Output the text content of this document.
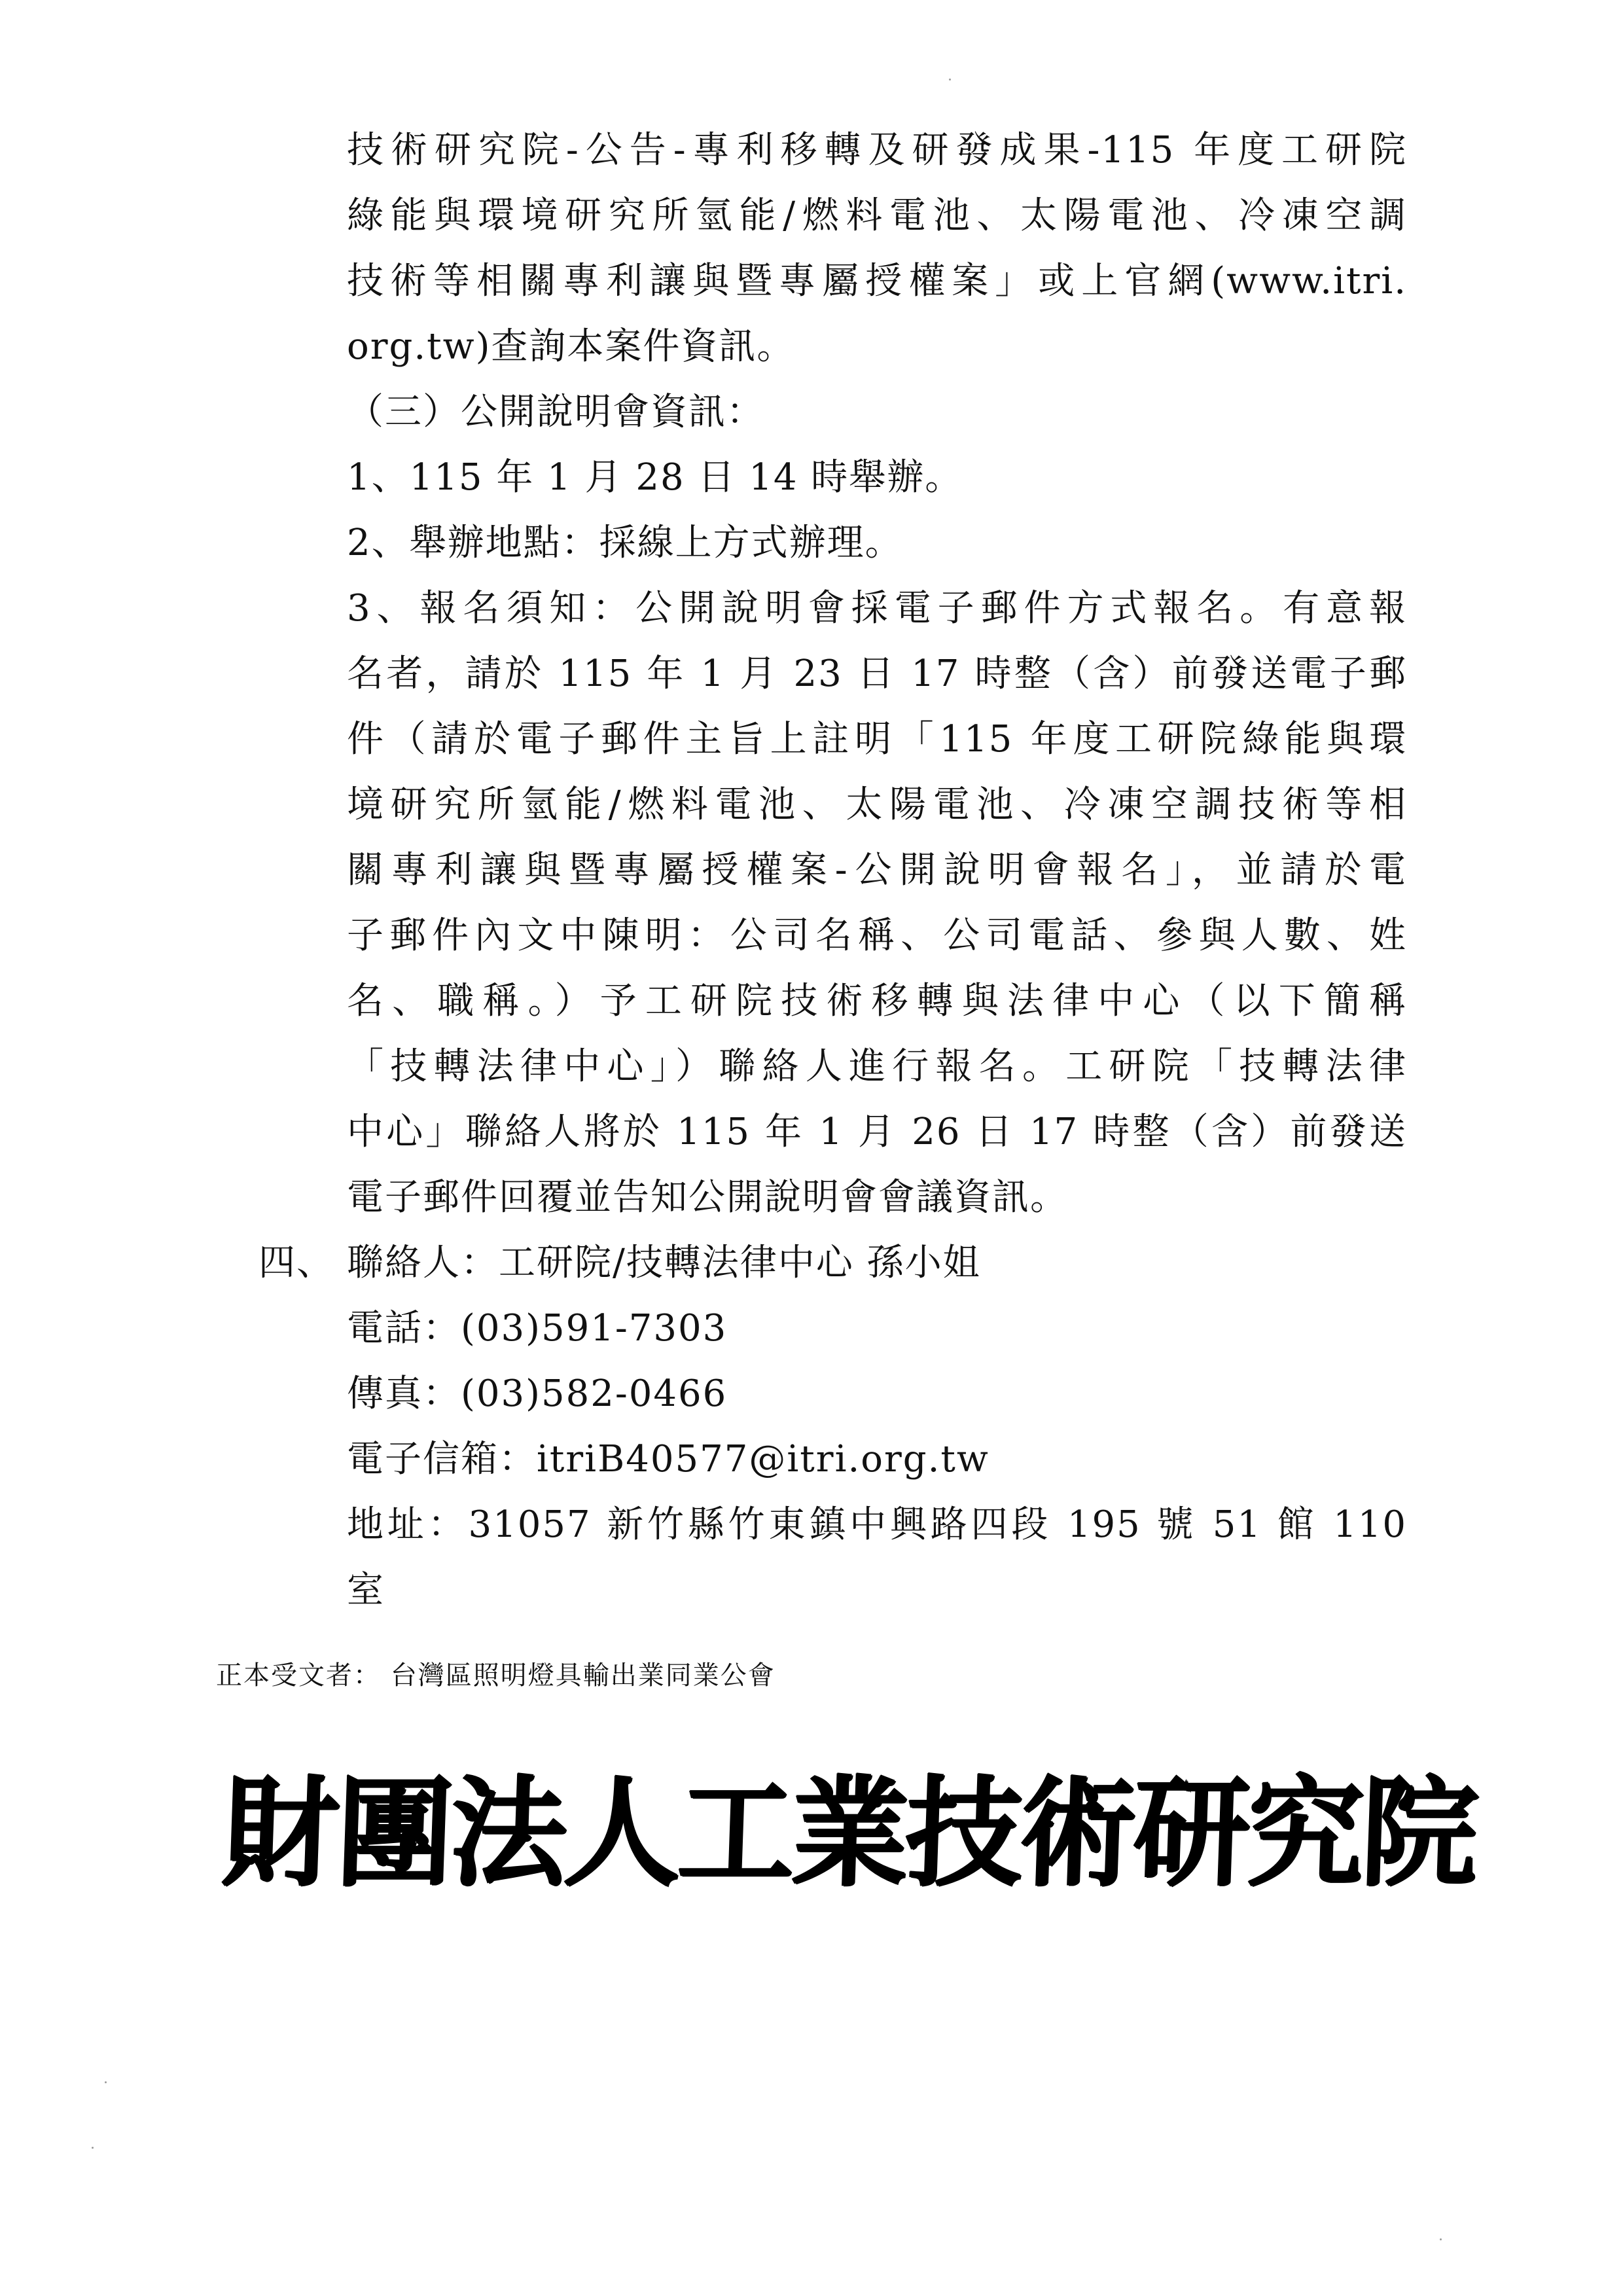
技術研究院-公告-專利移轉及研發成果-115 年度工研院
綠能與環境研究所氫能/燃料電池、太陽電池、冷凍空調
技術等相關專利讓與暨專屬授權案」或上官網(www.itri.
org.tw)查詢本案件資訊。
（三）公開說明會資訊：
1、115 年 1 月 28 日 14 時舉辦。
2、舉辦地點：採線上方式辦理。
3、報名須知：公開說明會採電子郵件方式報名。有意報
名者，請於 115 年 1 月 23 日 17 時整（含）前發送電子郵
件（請於電子郵件主旨上註明「115 年度工研院綠能與環
境研究所氫能/燃料電池、太陽電池、冷凍空調技術等相
關專利讓與暨專屬授權案-公開說明會報名」，並請於電
子郵件內文中陳明：公司名稱、公司電話、參與人數、姓
名、職稱。）予工研院技術移轉與法律中心（以下簡稱
「技轉法律中心」）聯絡人進行報名。工研院「技轉法律
中心」聯絡人將於 115 年 1 月 26 日 17 時整（含）前發送
電子郵件回覆並告知公開說明會會議資訊。
四、 聯絡人：工研院/技轉法律中心 孫小姐
電話：(03)591-7303
傳真：(03)582-0466
電子信箱：itriB40577@itri.org.tw
地址：31057 新竹縣竹東鎮中興路四段 195 號 51 館 110
室
正本受文者： 台灣區照明燈具輸出業同業公會
財團法人工業技術研究院
